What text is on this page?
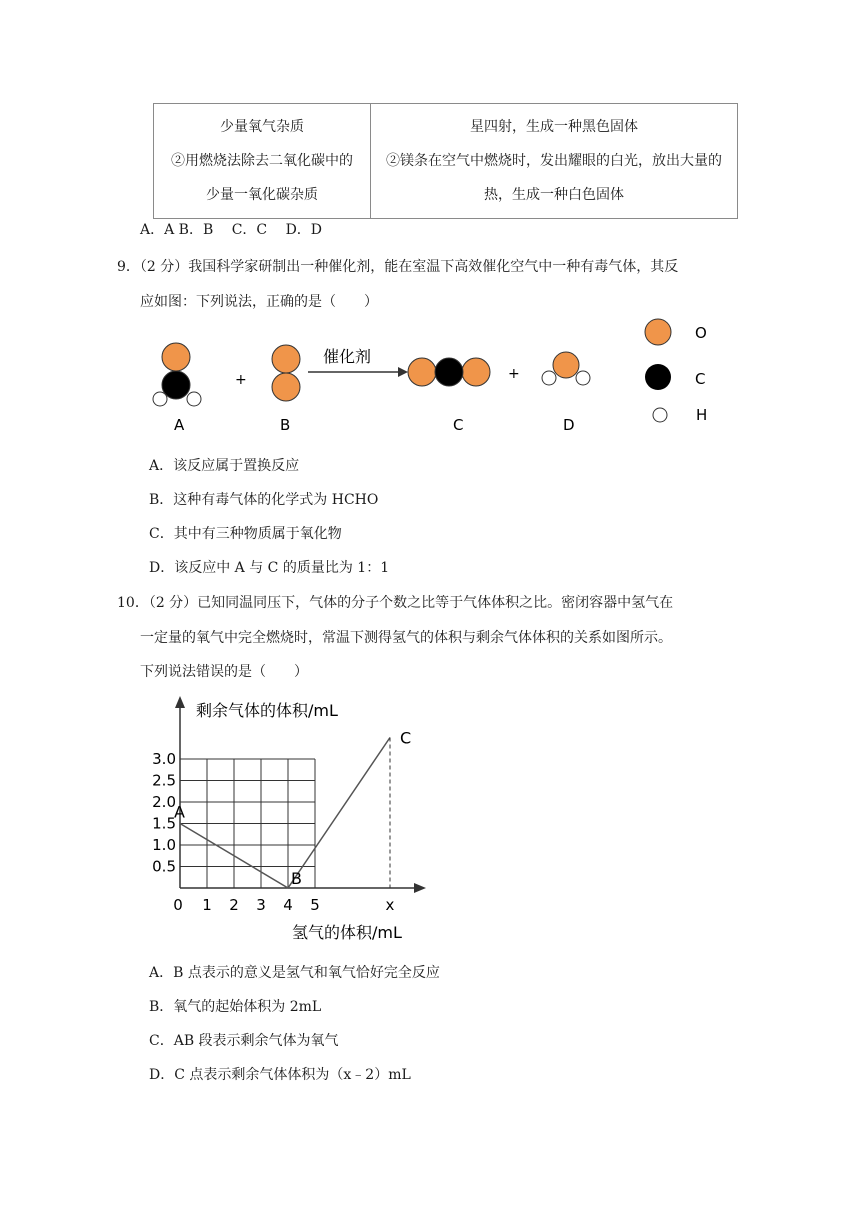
少量氧气杂质
②用燃烧法除去二氧化碳中的
少量一氧化碳杂质

星四射，生成一种黑色固体
②镁条在空气中燃烧时，发出耀眼的白光，放出大量的
热，生成一种白色固体
A．A B．B　 C．C　 D．D
9．（2 分）我国科学家研制出一种催化剂，能在室温下高效催化空气中一种有毒气体，其反
应如图：下列说法，正确的是（　　）
+
催化剂
+
A	B	C	D
O
C
H
A．该反应属于置换反应
B．这种有毒气体的化学式为 HCHO
C．其中有三种物质属于氧化物
D．该反应中 A 与 C 的质量比为 1：1
10．（2 分）已知同温同压下，气体的分子个数之比等于气体体积之比。密闭容器中氢气在
一定量的氧气中完全燃烧时，常温下测得氢气的体积与剩余气体体积的关系如图所示。
下列说法错误的是（　　）
剩余气体的体积/mL
氢气的体积/mL
0.5
1.0
1.5
2.0
2.5
3.0
0 1 2 3 4 5	x
A
B
C
A．B 点表示的意义是氢气和氧气恰好完全反应
B．氧气的起始体积为 2mL
C．AB 段表示剩余气体为氧气
D．C 点表示剩余气体体积为（x﹣2）mL
